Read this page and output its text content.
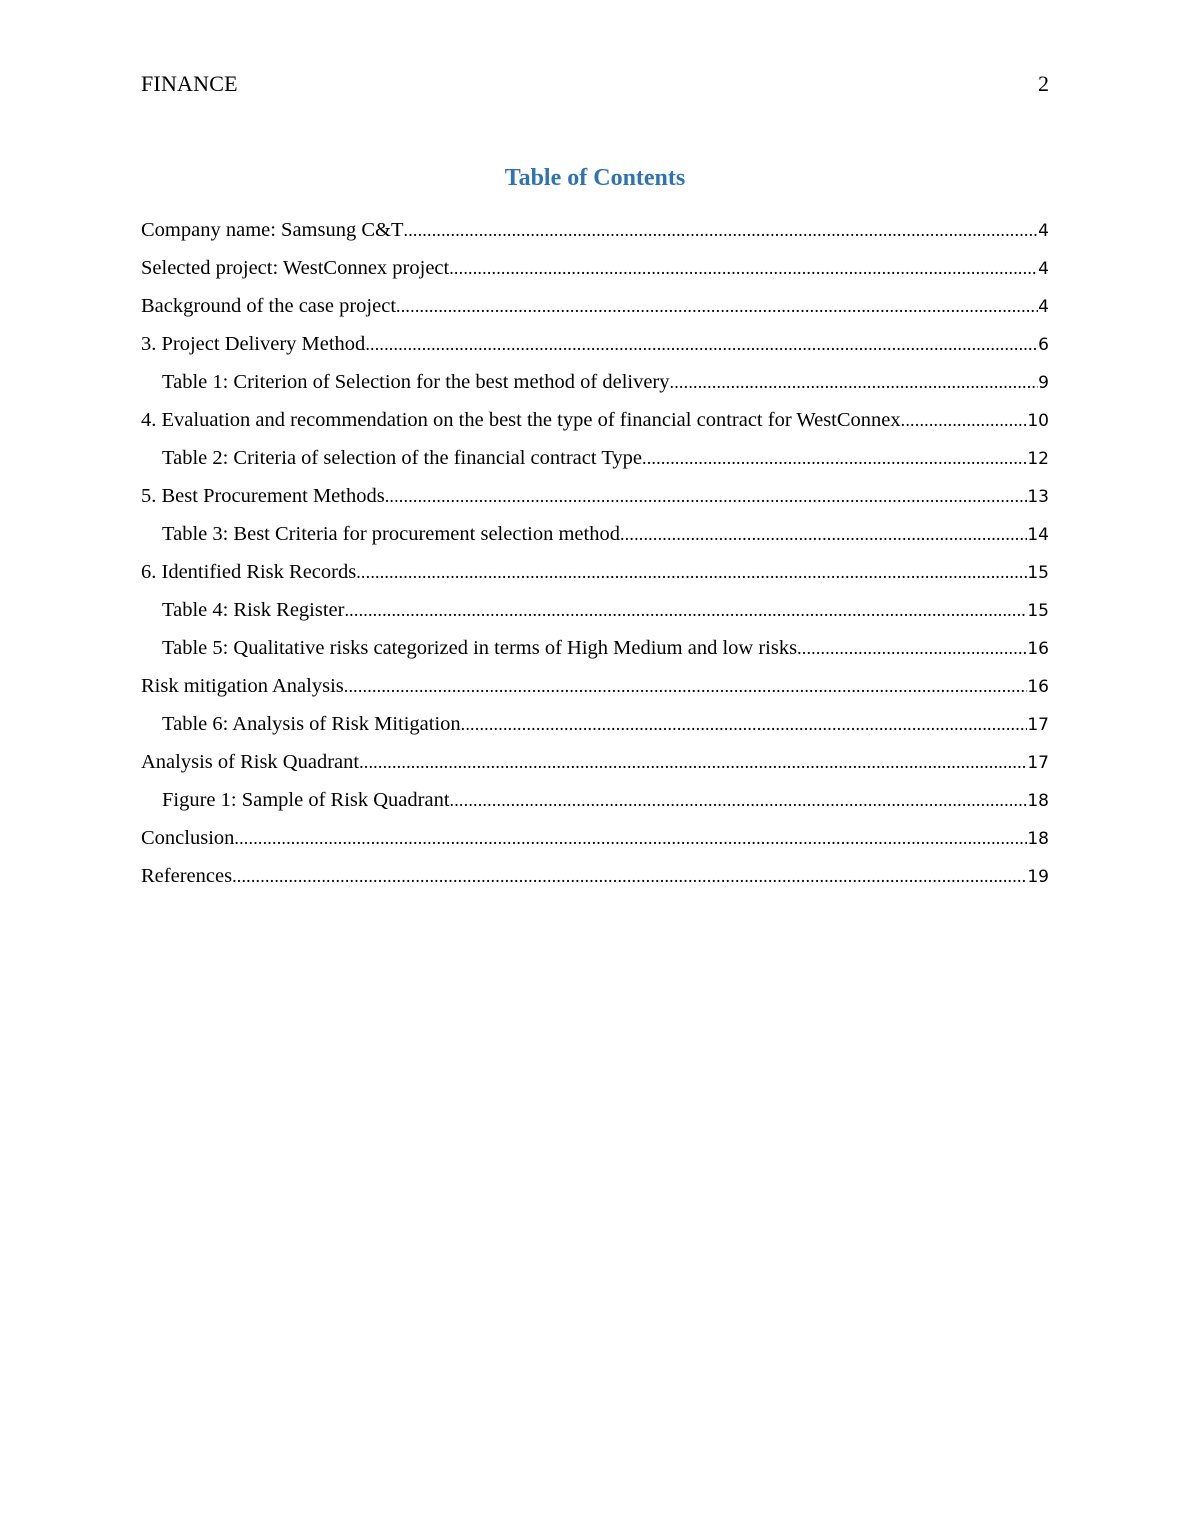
FINANCE	2
Table of Contents
Company name: Samsung C&T .....	4
Selected project: WestConnex project .....	4
Background of the case project .....	4
3. Project Delivery Method .....	6
Table 1: Criterion of Selection for the best method of delivery .....	9
4. Evaluation and recommendation on the best the type of financial contract for WestConnex .....	10
Table 2: Criteria of selection of the financial contract Type .....	12
5. Best Procurement Methods .....	13
Table 3: Best Criteria for procurement selection method .....	14
6. Identified Risk Records .....	15
Table 4: Risk Register .....	15
Table 5: Qualitative risks categorized in terms of High Medium and low risks .....	16
Risk mitigation Analysis .....	16
Table 6: Analysis of Risk Mitigation .....	17
Analysis of Risk Quadrant .....	17
Figure 1: Sample of Risk Quadrant .....	18
Conclusion .....	18
References .....	19
